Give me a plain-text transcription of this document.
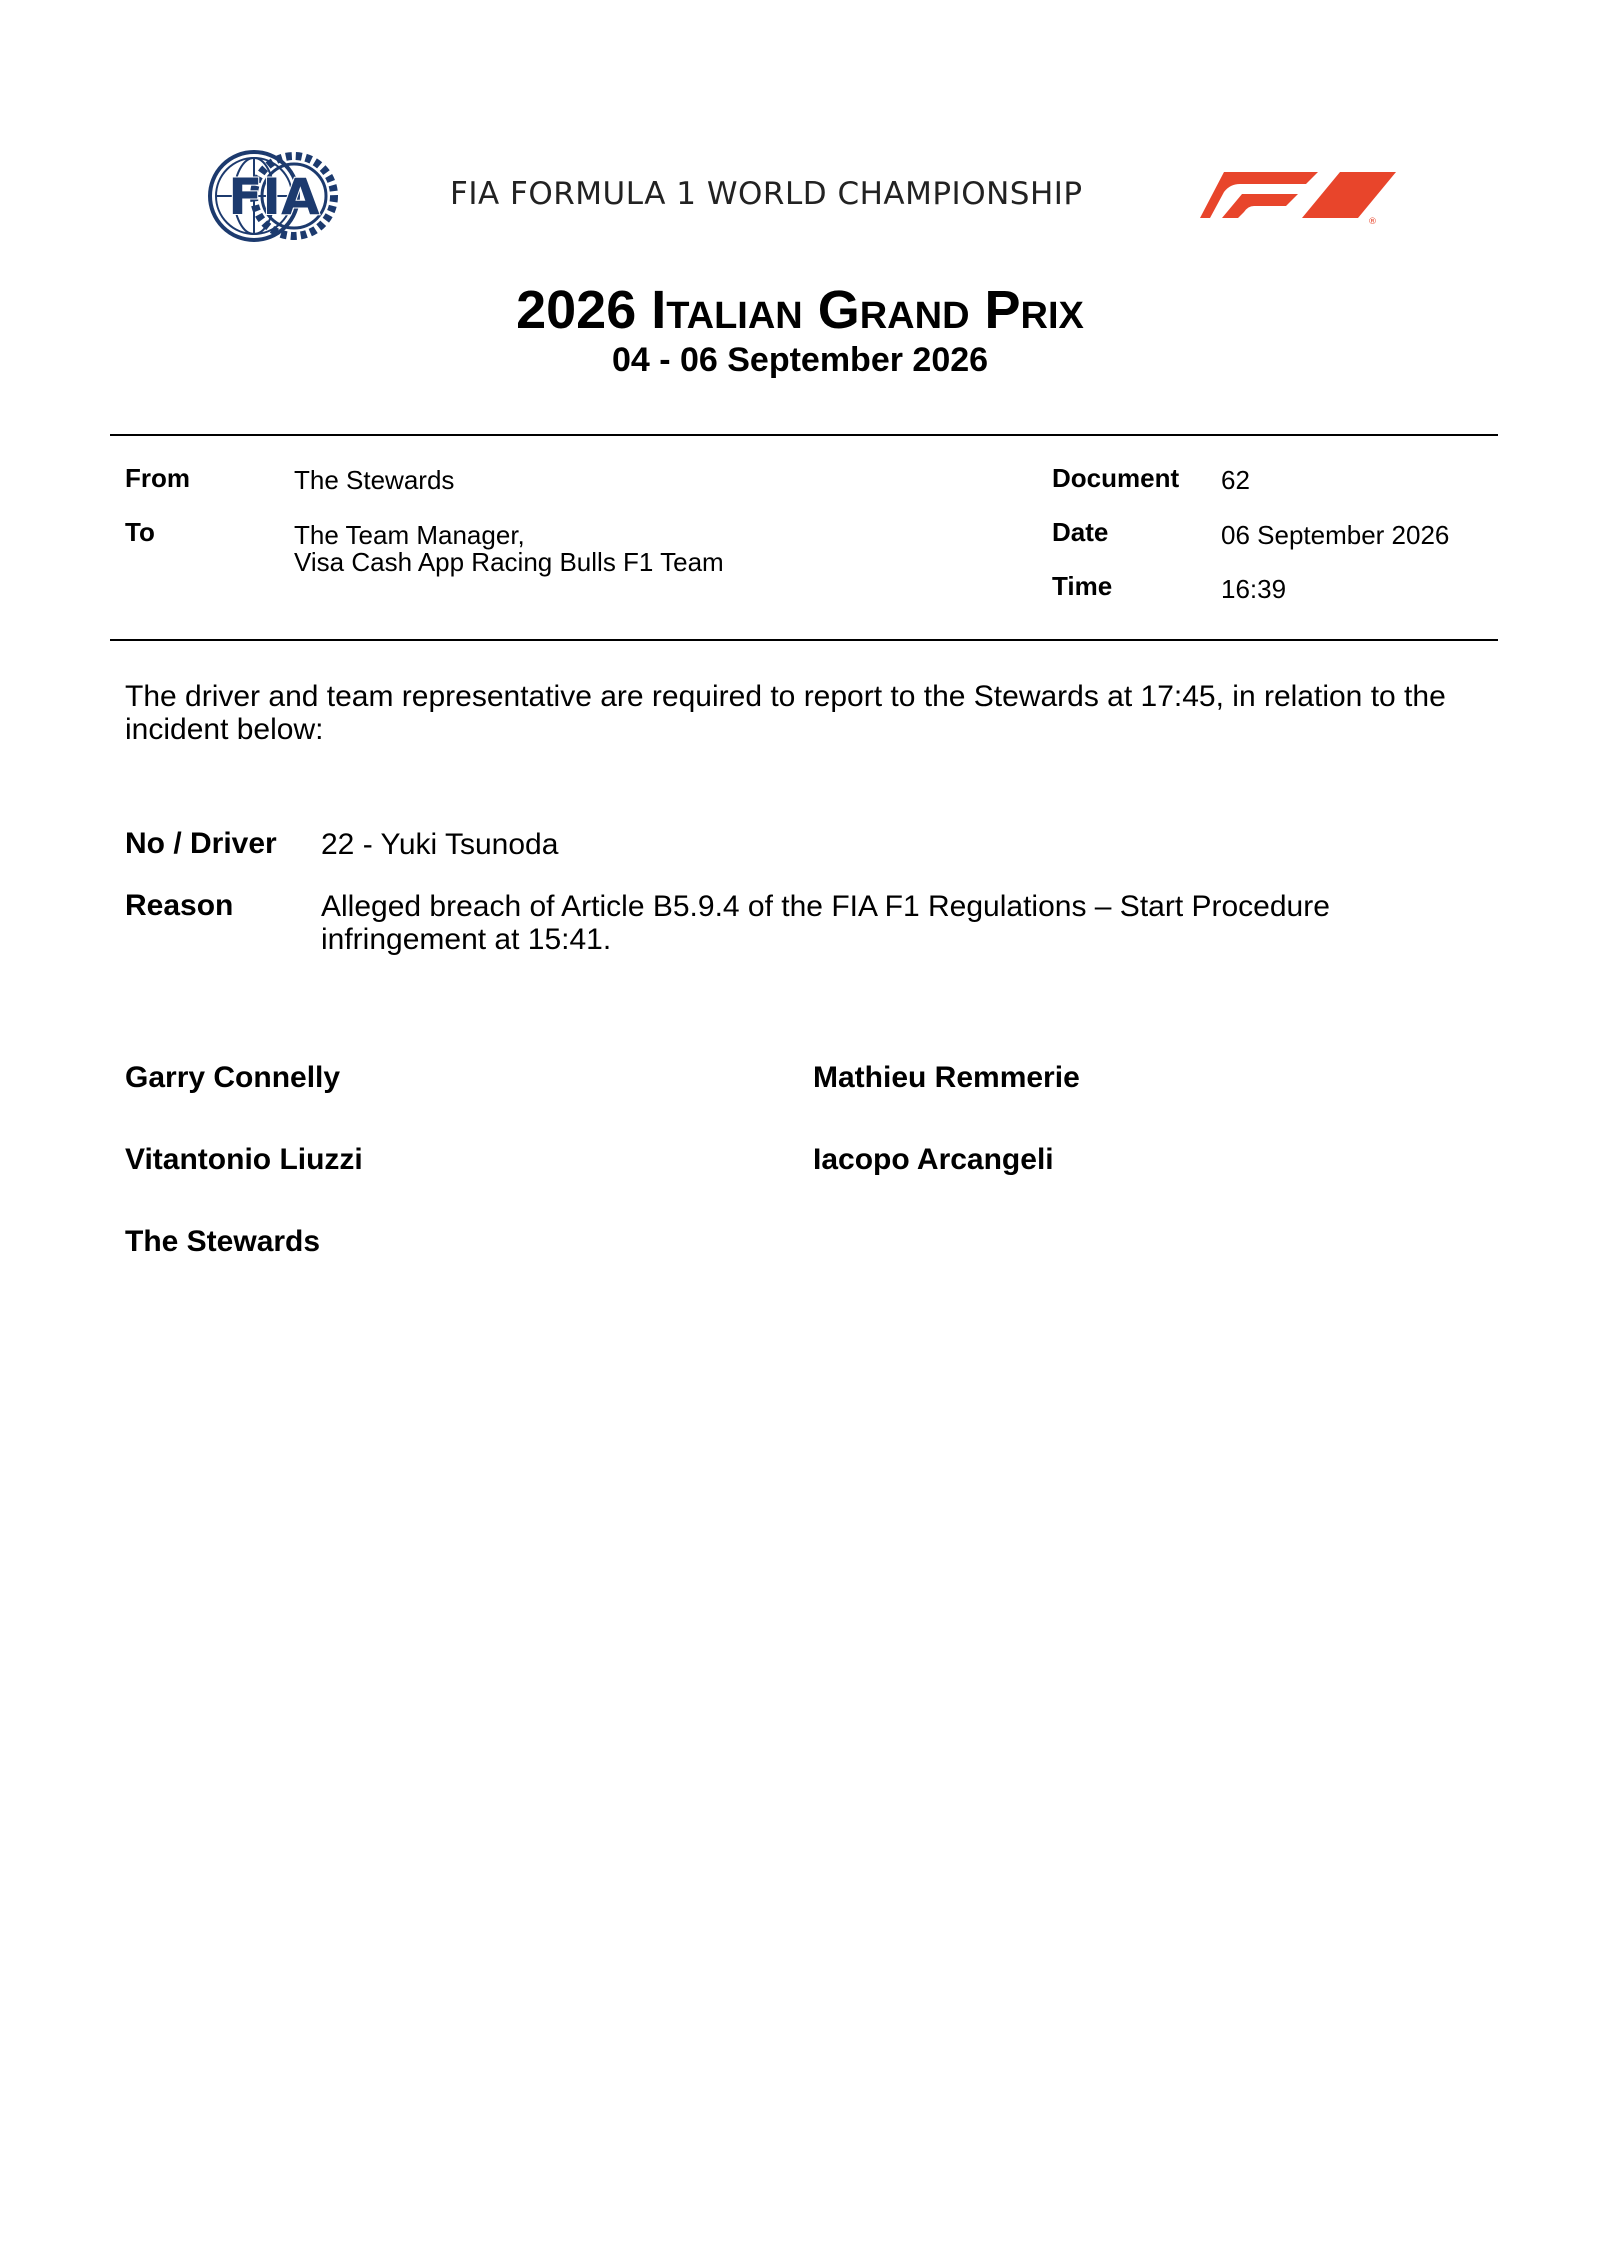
FIA	FIA FORMULA 1 WORLD CHAMPIONSHIP
®
2026 Italian Grand Prix
04 - 06 September 2026
From	The Stewards
To	The Team Manager,
Visa Cash App Racing Bulls F1 Team
Document 62
Date	06 September 2026
Time	16:39
The driver and team representative are required to report to the Stewards at 17:45, in relation to the incident below:
No / Driver 22 - Yuki Tsunoda
Reason	Alleged breach of Article B5.9.4 of the FIA F1 Regulations – Start Procedure
infringement at 15:41.
Garry Connelly	Mathieu Remmerie
Vitantonio Liuzzi	Iacopo Arcangeli
The Stewards
